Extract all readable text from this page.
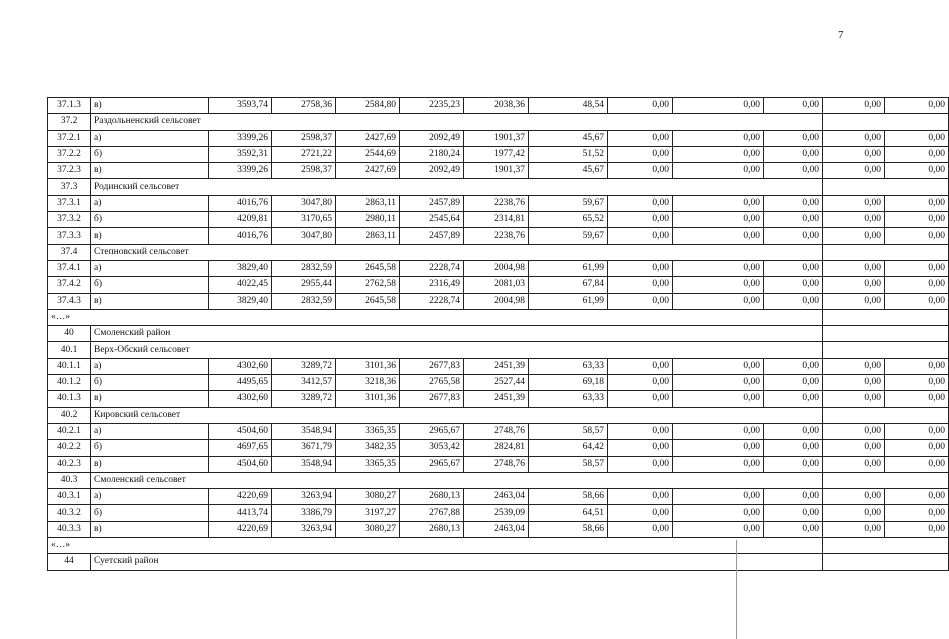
7
37.1.3	в)	3593,74	2758,36	2584,80	2235,23	2038,36	48,54	0,00	0,00	0,00	0,00	0,00
37.2	Раздольненский сельсовет											
37.2.1	а)	3399,26	2598,37	2427,69	2092,49	1901,37	45,67	0,00	0,00	0,00	0,00	0,00
37.2.2	б)	3592,31	2721,22	2544,69	2180,24	1977,42	51,52	0,00	0,00	0,00	0,00	0,00
37.2.3	в)	3399,26	2598,37	2427,69	2092,49	1901,37	45,67	0,00	0,00	0,00	0,00	0,00
37.3	Родинский сельсовет											
37.3.1	а)	4016,76	3047,80	2863,11	2457,89	2238,76	59,67	0,00	0,00	0,00	0,00	0,00
37.3.2	б)	4209,81	3170,65	2980,11	2545,64	2314,81	65,52	0,00	0,00	0,00	0,00	0,00
37.3.3	в)	4016,76	3047,80	2863,11	2457,89	2238,76	59,67	0,00	0,00	0,00	0,00	0,00
37.4	Степновский сельсовет											
37.4.1	а)	3829,40	2832,59	2645,58	2228,74	2004,98	61,99	0,00	0,00	0,00	0,00	0,00
37.4.2	б)	4022,45	2955,44	2762,58	2316,49	2081,03	67,84	0,00	0,00	0,00	0,00	0,00
37.4.3	в)	3829,40	2832,59	2645,58	2228,74	2004,98	61,99	0,00	0,00	0,00	0,00	0,00
«…»												
40	Смоленский район											
40.1	Верх-Обский сельсовет											
40.1.1	а)	4302,60	3289,72	3101,36	2677,83	2451,39	63,33	0,00	0,00	0,00	0,00	0,00
40.1.2	б)	4495,65	3412,57	3218,36	2765,58	2527,44	69,18	0,00	0,00	0,00	0,00	0,00
40.1.3	в)	4302,60	3289,72	3101,36	2677,83	2451,39	63,33	0,00	0,00	0,00	0,00	0,00
40.2	Кировский сельсовет											
40.2.1	а)	4504,60	3548,94	3365,35	2965,67	2748,76	58,57	0,00	0,00	0,00	0,00	0,00
40.2.2	б)	4697,65	3671,79	3482,35	3053,42	2824,81	64,42	0,00	0,00	0,00	0,00	0,00
40.2.3	в)	4504,60	3548,94	3365,35	2965,67	2748,76	58,57	0,00	0,00	0,00	0,00	0,00
40.3	Смоленский сельсовет											
40.3.1	а)	4220,69	3263,94	3080,27	2680,13	2463,04	58,66	0,00	0,00	0,00	0,00	0,00
40.3.2	б)	4413,74	3386,79	3197,27	2767,88	2539,09	64,51	0,00	0,00	0,00	0,00	0,00
40.3.3	в)	4220,69	3263,94	3080,27	2680,13	2463,04	58,66	0,00	0,00	0,00	0,00	0,00
«…»												
44	Суетский район											
